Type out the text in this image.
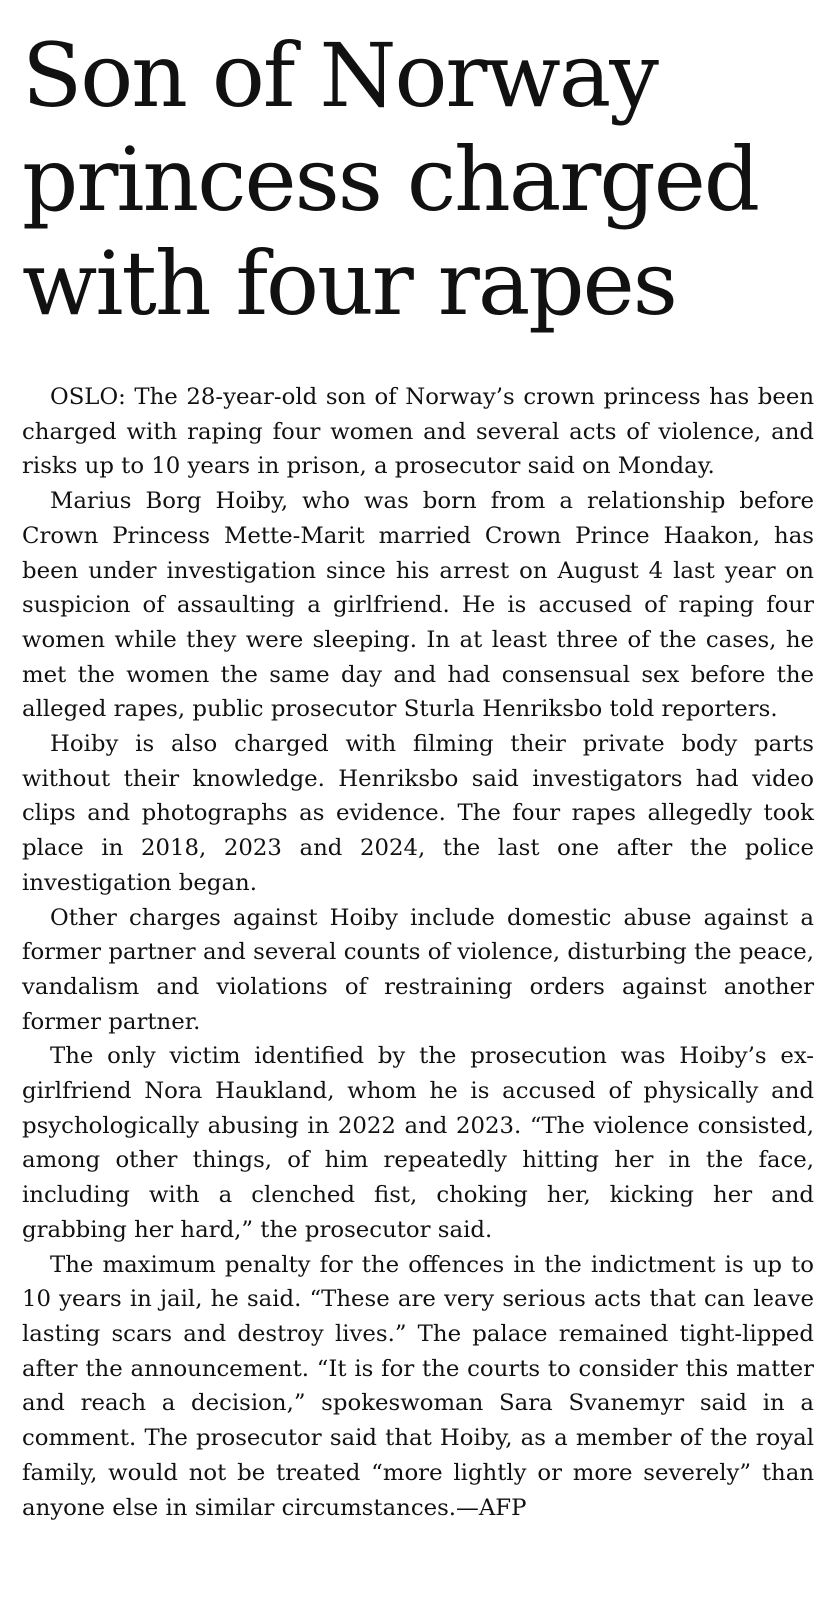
Son of Norway
princess charged
with four rapes

OSLO: The 28-year-old son of Norway’s crown princess has been charged with raping four women and several acts of violence, and risks up to 10 years in prison, a prosecutor said on Monday.

Marius Borg Hoiby, who was born from a relationship before Crown Princess Mette-Marit married Crown Prince Haakon, has been under investigation since his arrest on August 4 last year on suspicion of assaulting a girlfriend. He is accused of raping four women while they were sleeping. In at least three of the cases, he met the women the same day and had consensual sex before the alleged rapes, public prosecutor Sturla Henriksbo told reporters.

Hoiby is also charged with filming their private body parts without their knowledge. Henriksbo said investigators had video clips and photographs as evidence. The four rapes allegedly took place in 2018, 2023 and 2024, the last one after the police investigation began.

Other charges against Hoiby include domestic abuse against a former partner and several counts of violence, disturbing the peace, vandalism and violations of restraining orders against another former partner.

The only victim identified by the prosecution was Hoiby’s ex-girlfriend Nora Haukland, whom he is accused of physically and psychologically abusing in 2022 and 2023. “The violence consisted, among other things, of him repeatedly hitting her in the face, including with a clenched fist, choking her, kicking her and grabbing her hard,” the prosecutor said.

The maximum penalty for the offences in the indictment is up to 10 years in jail, he said. “These are very serious acts that can leave lasting scars and destroy lives.” The palace remained tight-lipped after the announcement. “It is for the courts to consider this matter and reach a decision,” spokeswoman Sara Svanemyr said in a comment. The prosecutor said that Hoiby, as a member of the royal family, would not be treated “more lightly or more severely” than anyone else in similar circumstances.—AFP
